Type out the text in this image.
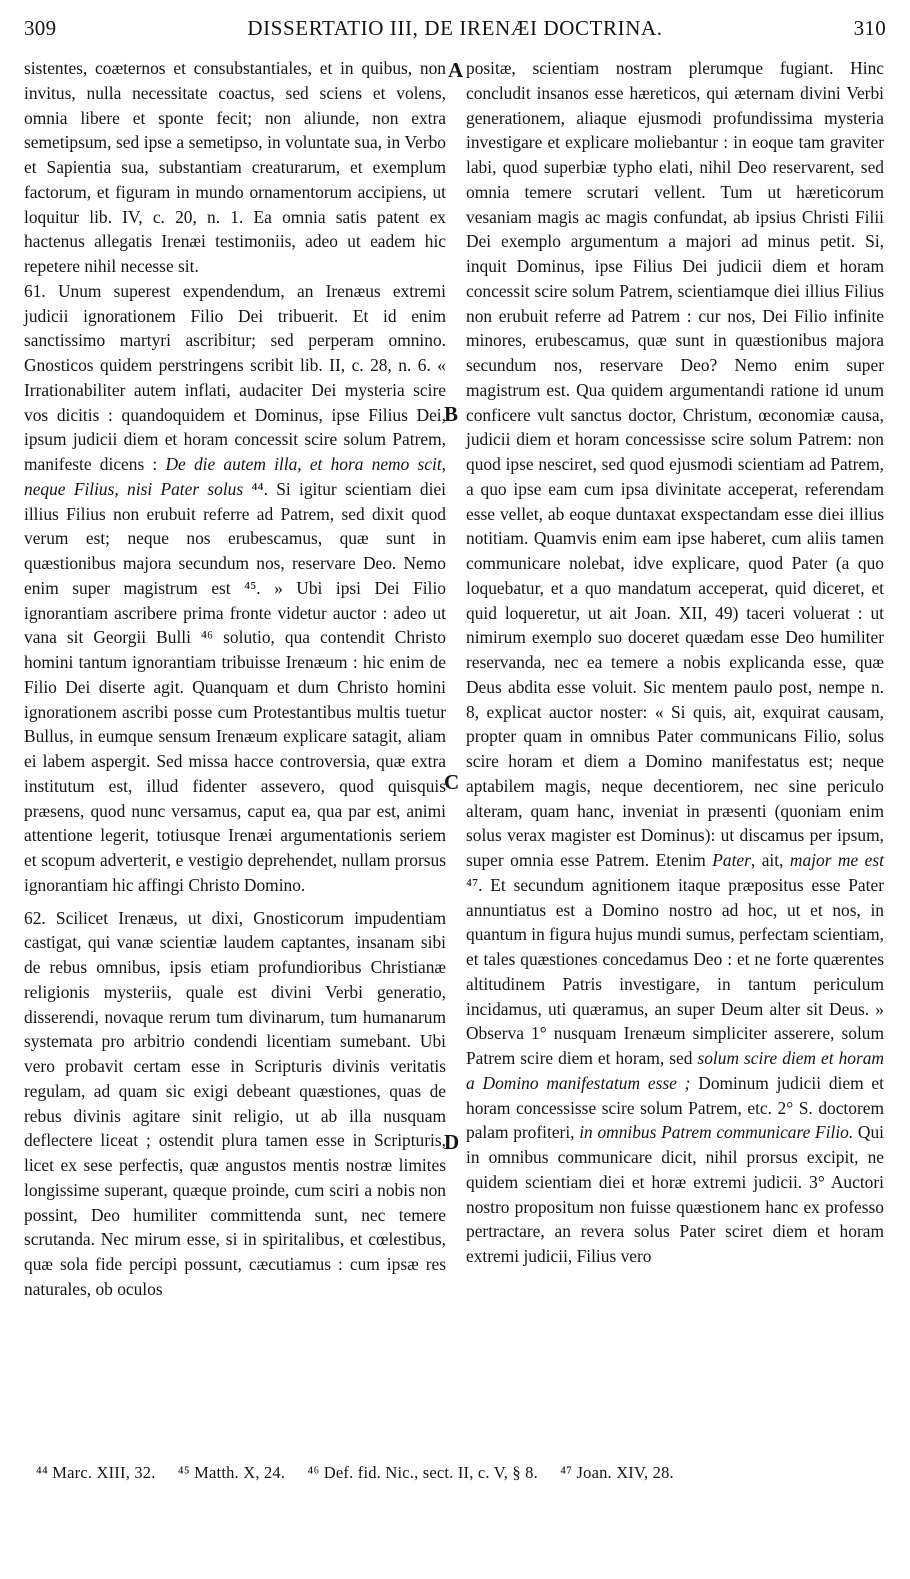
309	DISSERTATIO III, DE IRENÆI DOCTRINA.	310

sistentes, coæternos et consubstantiales, et in quibus, non invitus, nulla necessitate coactus, sed sciens et volens, omnia libere et sponte fecit; non aliunde, non extra semetipsum, sed ipse a semetipso, in voluntate sua, in Verbo et Sapientia sua, substantiam creaturarum, et exemplum factorum, et figuram in mundo ornamentorum accipiens, ut loquitur lib. IV, c. 20, n. 1. Ea omnia satis patent ex hactenus allegatis Irenæi testimoniis, adeo ut eadem hic repetere nihil necesse sit.

61. Unum superest expendendum, an Irenæus extremi judicii ignorationem Filio Dei tribuerit. Et id enim sanctissimo martyri ascribitur; sed perperam omnino. Gnosticos quidem perstringens scribit lib. II, c. 28, n. 6. « Irrationabiliter autem inflati, audaciter Dei mysteria scire vos dicitis : quandoquidem et Dominus, ipse Filius Dei, ipsum judicii diem et horam concessit scire solum Patrem, manifeste dicens : De die autem illa, et hora nemo scit, neque Filius, nisi Pater solus ⁴⁴. Si igitur scientiam diei illius Filius non erubuit referre ad Patrem, sed dixit quod verum est; neque nos erubescamus, quæ sunt in quæstionibus majora secundum nos, reservare Deo. Nemo enim super magistrum est ⁴⁵. » Ubi ipsi Dei Filio ignorantiam ascribere prima fronte videtur auctor : adeo ut vana sit Georgii Bulli ⁴⁶ solutio, qua contendit Christo homini tantum ignorantiam tribuisse Irenæum : hic enim de Filio Dei diserte agit. Quanquam et dum Christo homini ignorationem ascribi posse cum Protestantibus multis tuetur Bullus, in eumque sensum Irenæum explicare satagit, aliam ei labem aspergit. Sed missa hacce controversia, quæ extra institutum est, illud fidenter assevero, quod quisquis præsens, quod nunc versamus, caput ea, qua par est, animi attentione legerit, totiusque Irenæi argumentationis seriem et scopum adverterit, e vestigio deprehendet, nullam prorsus ignorantiam hic affingi Christo Domino.

62. Scilicet Irenæus, ut dixi, Gnosticorum impudentiam castigat, qui vanæ scientiæ laudem captantes, insanam sibi de rebus omnibus, ipsis etiam profundioribus Christianæ religionis mysteriis, quale est divini Verbi generatio, disserendi, novaque rerum tum divinarum, tum humanarum systemata pro arbitrio condendi licentiam sumebant. Ubi vero probavit certam esse in Scripturis divinis veritatis regulam, ad quam sic exigi debeant quæstiones, quas de rebus divinis agitare sinit religio, ut ab illa nusquam deflectere liceat ; ostendit plura tamen esse in Scripturis, licet ex sese perfectis, quæ angustos mentis nostræ limites longissime superant, quæque proinde, cum sciri a nobis non possint, Deo humiliter committenda sunt, nec temere scrutanda. Nec mirum esse, si in spiritalibus, et cœlestibus, quæ sola fide percipi possunt, cæcutiamus : cum ipsæ res naturales, ob oculos

A
B
C
D

positæ, scientiam nostram plerumque fugiant. Hinc concludit insanos esse hæreticos, qui æternam divini Verbi generationem, aliaque ejusmodi profundissima mysteria investigare et explicare moliebantur : in eoque tam graviter labi, quod superbiæ typho elati, nihil Deo reservarent, sed omnia temere scrutari vellent. Tum ut hæreticorum vesaniam magis ac magis confundat, ab ipsius Christi Filii Dei exemplo argumentum a majori ad minus petit. Si, inquit Dominus, ipse Filius Dei judicii diem et horam concessit scire solum Patrem, scientiamque diei illius Filius non erubuit referre ad Patrem : cur nos, Dei Filio infinite minores, erubescamus, quæ sunt in quæstionibus majora secundum nos, reservare Deo? Nemo enim super magistrum est. Qua quidem argumentandi ratione id unum conficere vult sanctus doctor, Christum, œconomiæ causa, judicii diem et horam concessisse scire solum Patrem: non quod ipse nesciret, sed quod ejusmodi scientiam ad Patrem, a quo ipse eam cum ipsa divinitate acceperat, referendam esse vellet, ab eoque duntaxat exspectandam esse diei illius notitiam. Quamvis enim eam ipse haberet, cum aliis tamen communicare nolebat, idve explicare, quod Pater (a quo loquebatur, et a quo mandatum acceperat, quid diceret, et quid loqueretur, ut ait Joan. XII, 49) taceri voluerat : ut nimirum exemplo suo doceret quædam esse Deo humiliter reservanda, nec ea temere a nobis explicanda esse, quæ Deus abdita esse voluit. Sic mentem paulo post, nempe n. 8, explicat auctor noster: « Si quis, ait, exquirat causam, propter quam in omnibus Pater communicans Filio, solus scire horam et diem a Domino manifestatus est; neque aptabilem magis, neque decentiorem, nec sine periculo alteram, quam hanc, inveniat in præsenti (quoniam enim solus verax magister est Dominus): ut discamus per ipsum, super omnia esse Patrem. Etenim Pater, ait, major me est ⁴⁷. Et secundum agnitionem itaque præpositus esse Pater annuntiatus est a Domino nostro ad hoc, ut et nos, in quantum in figura hujus mundi sumus, perfectam scientiam, et tales quæstiones concedamus Deo : et ne forte quærentes altitudinem Patris investigare, in tantum periculum incidamus, uti quæramus, an super Deum alter sit Deus. » Observa 1° nusquam Irenæum simpliciter asserere, solum Patrem scire diem et horam, sed solum scire diem et horam a Domino manifestatum esse ; Dominum judicii diem et horam concessisse scire solum Patrem, etc. 2° S. doctorem palam profiteri, in omnibus Patrem communicare Filio. Qui in omnibus communicare dicit, nihil prorsus excipit, ne quidem scientiam diei et horæ extremi judicii. 3° Auctori nostro propositum non fuisse quæstionem hanc ex professo pertractare, an revera solus Pater sciret diem et horam extremi judicii, Filius vero

⁴⁴ Marc. XIII, 32. ⁴⁵ Matth. X, 24. ⁴⁶ Def. fid. Nic., sect. II, c. V, § 8. ⁴⁷ Joan. XIV, 28.
